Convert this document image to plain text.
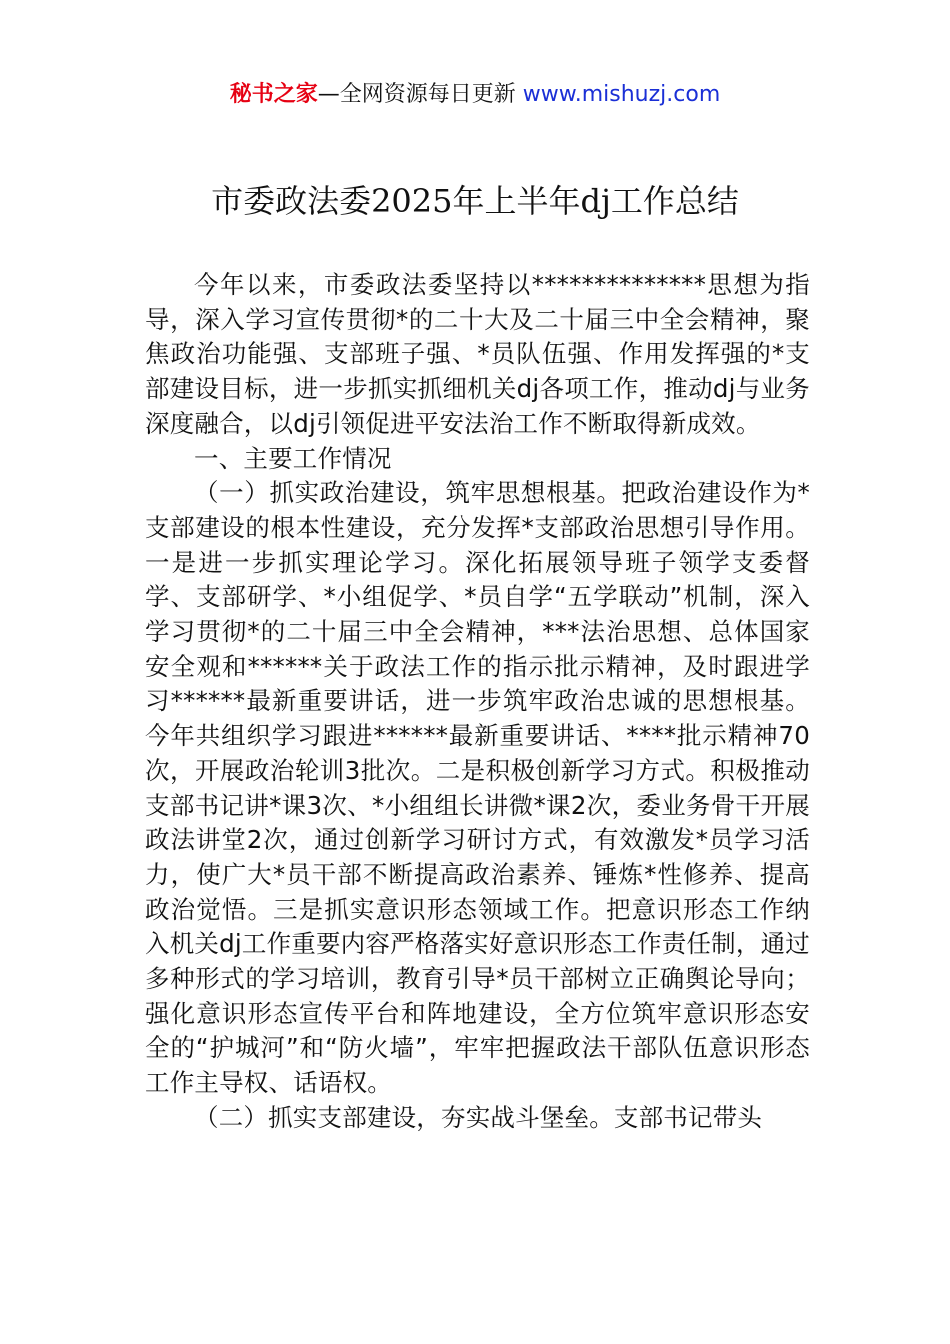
秘书之家—全网资源每日更新 www.mishuzj.com
市委政法委2025年上半年dj工作总结

今年以来，市委政法委坚持以**************思想为指导，深入学习宣传贯彻*的二十大及二十届三中全会精神，聚焦政治功能强、支部班子强、*员队伍强、作用发挥强的*支部建设目标，进一步抓实抓细机关dj各项工作，推动dj与业务深度融合，以dj引领促进平安法治工作不断取得新成效。

一、主要工作情况

（一）抓实政治建设，筑牢思想根基。把政治建设作为*支部建设的根本性建设，充分发挥*支部政治思想引导作用。一是进一步抓实理论学习。深化拓展领导班子领学支委督学、支部研学、*小组促学、*员自学“五学联动”机制，深入学习贯彻*的二十届三中全会精神，***法治思想、总体国家安全观和******关于政法工作的指示批示精神，及时跟进学习******最新重要讲话，进一步筑牢政治忠诚的思想根基。今年共组织学习跟进******最新重要讲话、****批示精神70次，开展政治轮训3批次。二是积极创新学习方式。积极推动支部书记讲*课3次、*小组组长讲微*课2次，委业务骨干开展政法讲堂2次，通过创新学习研讨方式，有效激发*员学习活力，使广大*员干部不断提高政治素养、锤炼*性修养、提高政治觉悟。三是抓实意识形态领域工作。把意识形态工作纳入机关dj工作重要内容严格落实好意识形态工作责任制，通过多种形式的学习培训，教育引导*员干部树立正确舆论导向；强化意识形态宣传平台和阵地建设，全方位筑牢意识形态安全的“护城河”和“防火墙”，牢牢把握政法干部队伍意识形态工作主导权、话语权。

（二）抓实支部建设，夯实战斗堡垒。支部书记带头
